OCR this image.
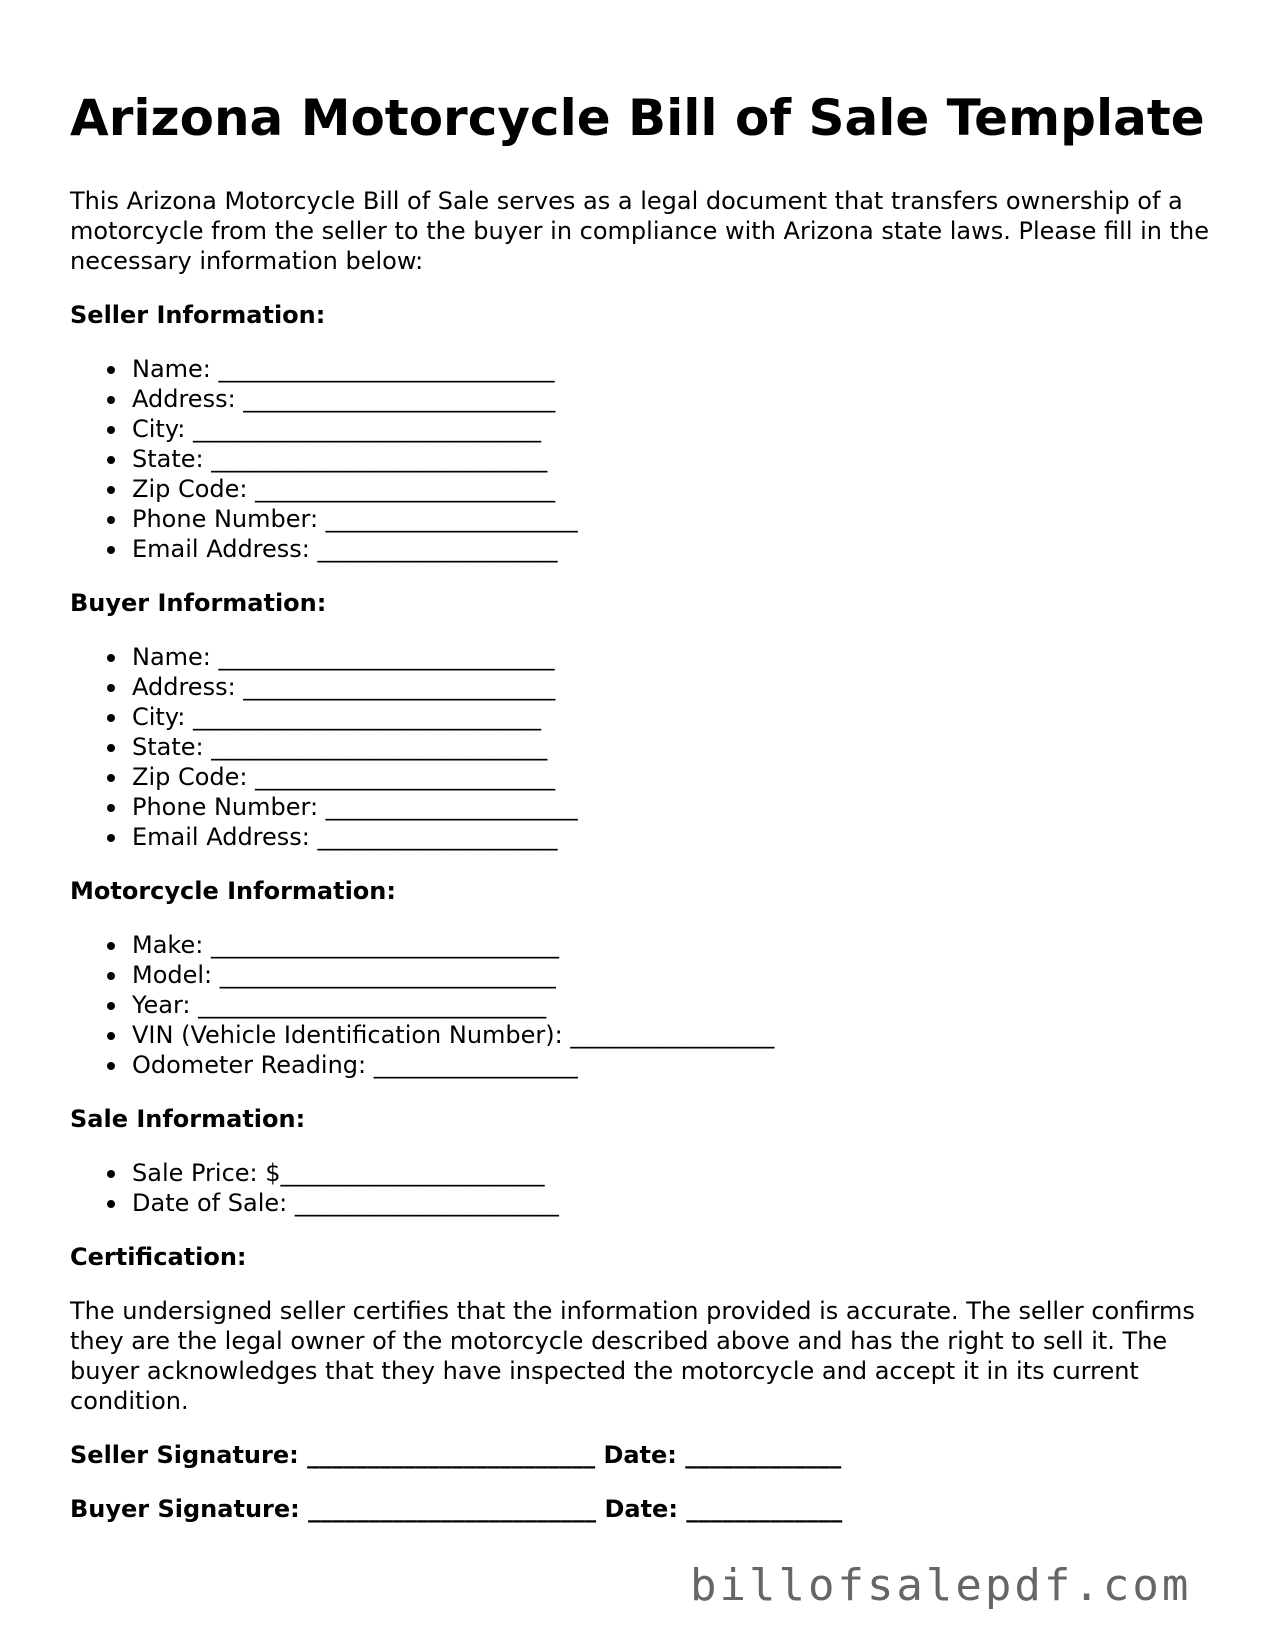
Arizona Motorcycle Bill of Sale Template

This Arizona Motorcycle Bill of Sale serves as a legal document that transfers ownership of a motorcycle from the seller to the buyer in compliance with Arizona state laws. Please fill in the necessary information below:

Seller Information:
Name: ____________________________
Address: __________________________
City: _____________________________
State: ____________________________
Zip Code: _________________________
Phone Number: _____________________
Email Address: ____________________
Buyer Information:
Name: ____________________________
Address: __________________________
City: _____________________________
State: ____________________________
Zip Code: _________________________
Phone Number: _____________________
Email Address: ____________________
Motorcycle Information:
Make: _____________________________
Model: ____________________________
Year: _____________________________
VIN (Vehicle Identification Number): _________________
Odometer Reading: _________________
Sale Information:
Sale Price: $______________________
Date of Sale: ______________________
Certification:

The undersigned seller certifies that the information provided is accurate. The seller confirms they are the legal owner of the motorcycle described above and has the right to sell it. The buyer acknowledges that they have inspected the motorcycle and accept it in its current condition.

Seller Signature: ________________________ Date: _____________
Buyer Signature: ________________________ Date: _____________
billofsalepdf.com
